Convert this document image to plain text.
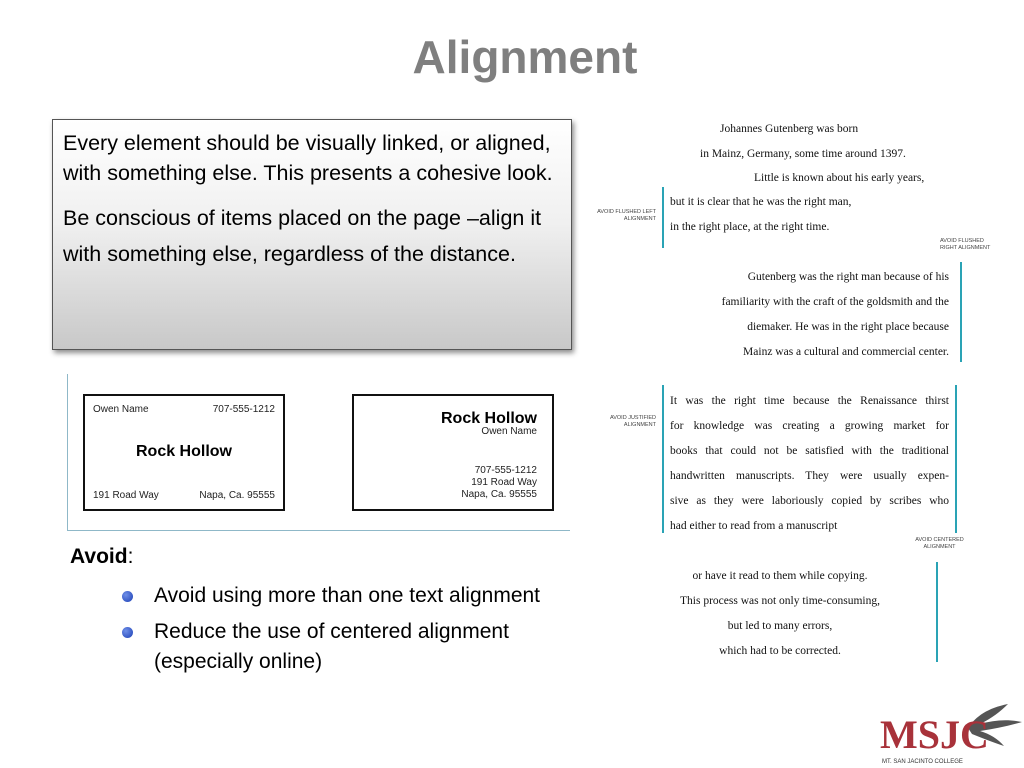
Alignment

Every element should be visually linked, or aligned, with something else. This presents a cohesive look.

Be conscious of items placed on the page –align it with something else, regardless of the distance.

Owen Name	707-555-1212
Rock Hollow
191 Road Way	Napa, Ca. 95555
Rock Hollow
Owen Name
707-555-1212
191 Road Way
Napa, Ca. 95555
Avoid:
Avoid using more than one text alignment
Reduce the use of centered alignment (especially online)
Johannes Gutenberg was born
in Mainz, Germany, some time around 1397.
Little is known about his early years,
but it is clear that he was the right man,
in the right place, at the right time.
AVOID FLUSHED LEFT ALIGNMENT
AVOID FLUSHED RIGHT ALIGNMENT
Gutenberg was the right man because of his
familiarity with the craft of the goldsmith and the
diemaker. He was in the right place because
Mainz was a cultural and commercial center.
AVOID JUSTIFIED ALIGNMENT
It was the right time because the Renaissance thirst
for knowledge was creating a growing market for
books that could not be satisfied with the traditional
handwritten manuscripts. They were usually expen-
sive as they were laboriously copied by scribes who
had either to read from a manuscript
AVOID CENTERED ALIGNMENT
or have it read to them while copying.
This process was not only time-consuming,
but led to many errors,
which had to be corrected.
MSJC
MT. SAN JACINTO COLLEGE
